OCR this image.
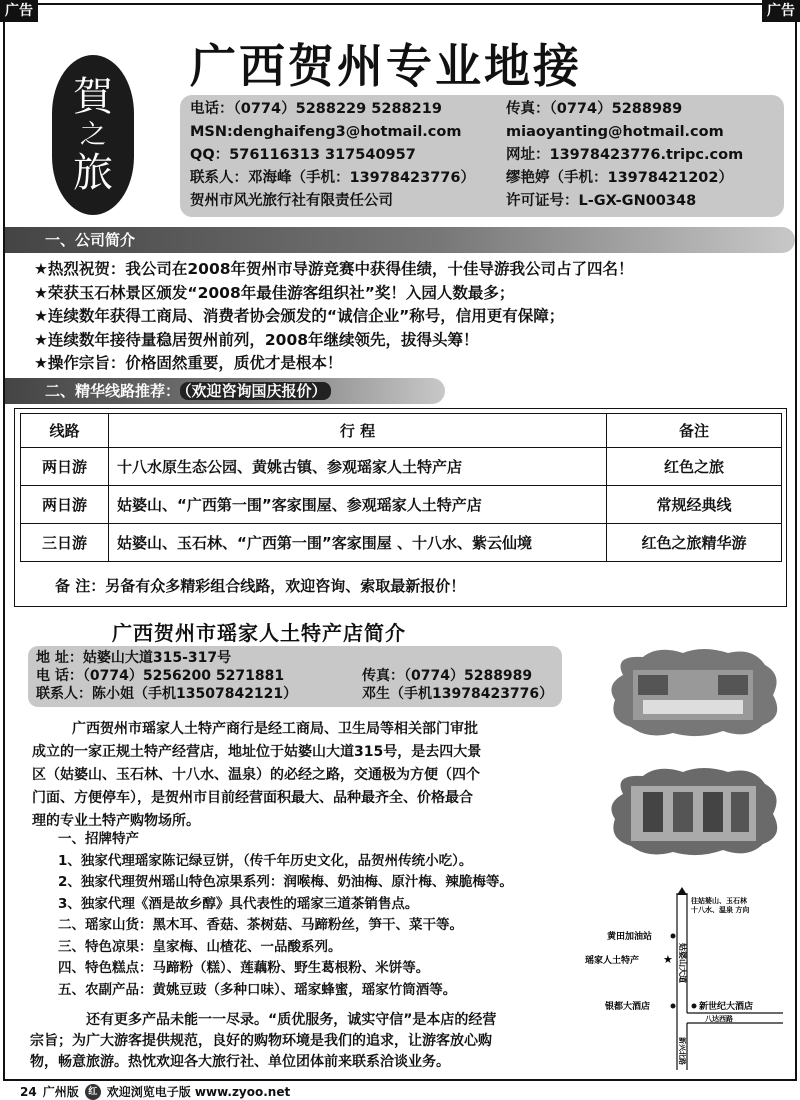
广告	广告
賀
之
旅
广西贺州专业地接
电话：（0774）5288229 5288219	传真：（0774）5288989
MSN:denghaifeng3@hotmail.com	miaoyanting@hotmail.com
QQ：576116313 317540957	网址：13978423776.tripc.com
联系人：邓海峰（手机：13978423776）	缪艳婷（手机：13978421202）
贺州市风光旅行社有限责任公司	许可证号：L-GX-GN00348
一、公司简介
★热烈祝贺：我公司在2008年贺州市导游竞赛中获得佳绩，十佳导游我公司占了四名！
★荣获玉石林景区颁发“2008年最佳游客组织社”奖！入园人数最多；
★连续数年获得工商局、消费者协会颁发的“诚信企业”称号，信用更有保障；
★连续数年接待量稳居贺州前列，2008年继续领先，拔得头筹！
★操作宗旨：价格固然重要，质优才是根本！
二、精华线路推荐： （欢迎咨询国庆报价）
线路	行 程	备注
两日游	十八水原生态公园、黄姚古镇、参观瑶家人土特产店	红色之旅
两日游	姑婆山、“广西第一围”客家围屋、参观瑶家人土特产店	常规经典线
三日游	姑婆山、玉石林、“广西第一围”客家围屋 、十八水、紫云仙境	红色之旅精华游
备 注：另备有众多精彩组合线路，欢迎咨询、索取最新报价！
广西贺州市瑶家人土特产店简介
地 址：姑婆山大道315-317号
电 话：（0774）5256200 5271881	传真：（0774）5288989
联系人：陈小姐（手机13507842121）	邓生（手机13978423776）
广西贺州市瑶家人土特产商行是经工商局、卫生局等相关部门审批
成立的一家正规土特产经营店，地址位于姑婆山大道315号，是去四大景
区（姑婆山、玉石林、十八水、温泉）的必经之路，交通极为方便（四个
门面、方便停车），是贺州市目前经营面积最大、品种最齐全、价格最合
理的专业土特产购物场所。
一、招牌特产
1、独家代理瑶家陈记绿豆饼，（传千年历史文化，品贺州传统小吃）。
2、独家代理贺州瑶山特色凉果系列：润喉梅、奶油梅、原汁梅、辣脆梅等。
3、独家代理《酒是故乡醇》具代表性的瑶家三道茶销售点。
二、瑶家山货：黑木耳、香菇、茶树菇、马蹄粉丝，笋干、菜干等。
三、特色凉果：皇家梅、山楂花、一品酸系列。
四、特色糕点：马蹄粉（糕）、莲藕粉、野生葛根粉、米饼等。
五、农副产品：黄姚豆豉（多种口味）、瑶家蜂蜜，瑶家竹筒酒等。
还有更多产品未能一一尽录。“质优服务，诚实守信”是本店的经营
宗旨；为广大游客提供规范，良好的购物环境是我们的追求，让游客放心购
物，畅意旅游。热忱欢迎各大旅行社、单位团体前来联系洽谈业务。
往姑婆山、玉石林
十八水、温泉 方向
黄田加油站
瑶家人土特产 ★ 姑婆山大道
银都大酒店	新世纪大酒店
八达西路
新兴北路
24 广州版	红 欢迎浏览电子版 www.zyoo.net
